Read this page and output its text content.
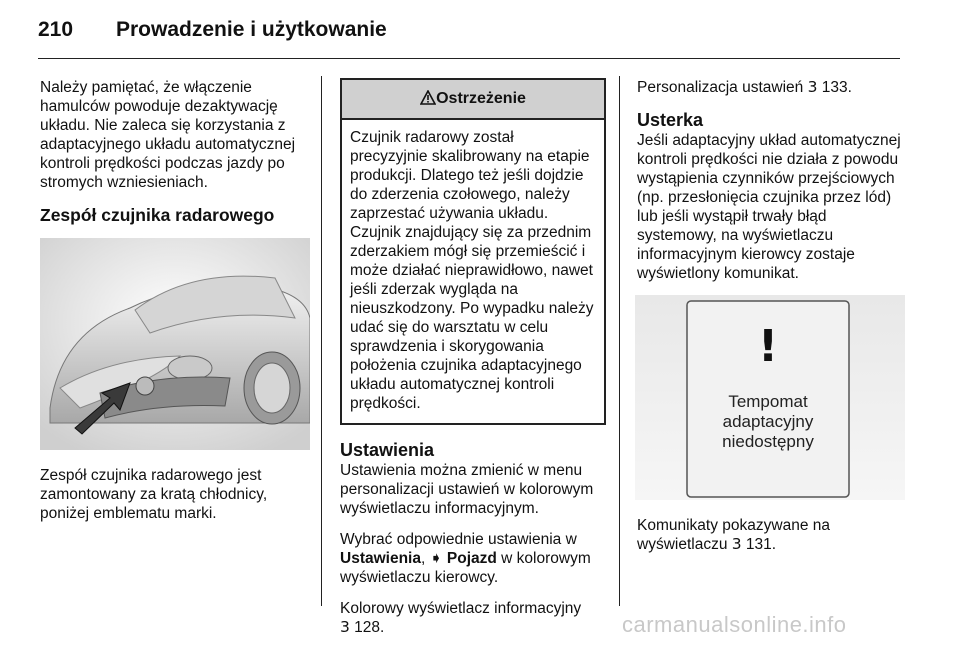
210 Prowadzenie i użytkowanie

Należy pamiętać, że włączenie hamulców powoduje dezaktywację układu. Nie zaleca się korzystania z adaptacyjnego układu automatycznej kontroli prędkości podczas jazdy po stromych wzniesieniach.

Zespół czujnika radarowego

Zespół czujnika radarowego jest zamontowany za kratą chłodnicy, poniżej emblematu marki.

Ostrzeżenie
Czujnik radarowy został precyzyjnie skalibrowany na etapie produkcji. Dlatego też jeśli dojdzie do zderzenia czołowego, należy zaprzestać używania układu. Czujnik znajdujący się za przednim zderzakiem mógł się przemieścić i może działać nieprawidłowo, nawet jeśli zderzak wygląda na nieuszkodzony. Po wypadku należy udać się do warsztatu w celu sprawdzenia i skorygowania położenia czujnika adaptacyjnego układu automatycznej kontroli prędkości.
Ustawienia

Ustawienia można zmienić w menu personalizacji ustawień w kolorowym wyświetlaczu informacyjnym.

Wybrać odpowiednie ustawienia w Ustawienia, ➧ Pojazd w kolorowym wyświetlaczu kierowcy.

Kolorowy wyświetlacz informacyjny
3 128.

Personalizacja ustawień 3 133.

Usterka

Jeśli adaptacyjny układ automatycznej kontroli prędkości nie działa z powodu wystąpienia czynników przejściowych (np. przesłonięcia czujnika przez lód) lub jeśli wystąpił trwały błąd systemowy, na wyświetlaczu informacyjnym kierowcy zostaje wyświetlony komunikat.

!
Tempomat
adaptacyjny
niedostępny

Komunikaty pokazywane na wyświetlaczu 3 131.

carmanualsonline.info
